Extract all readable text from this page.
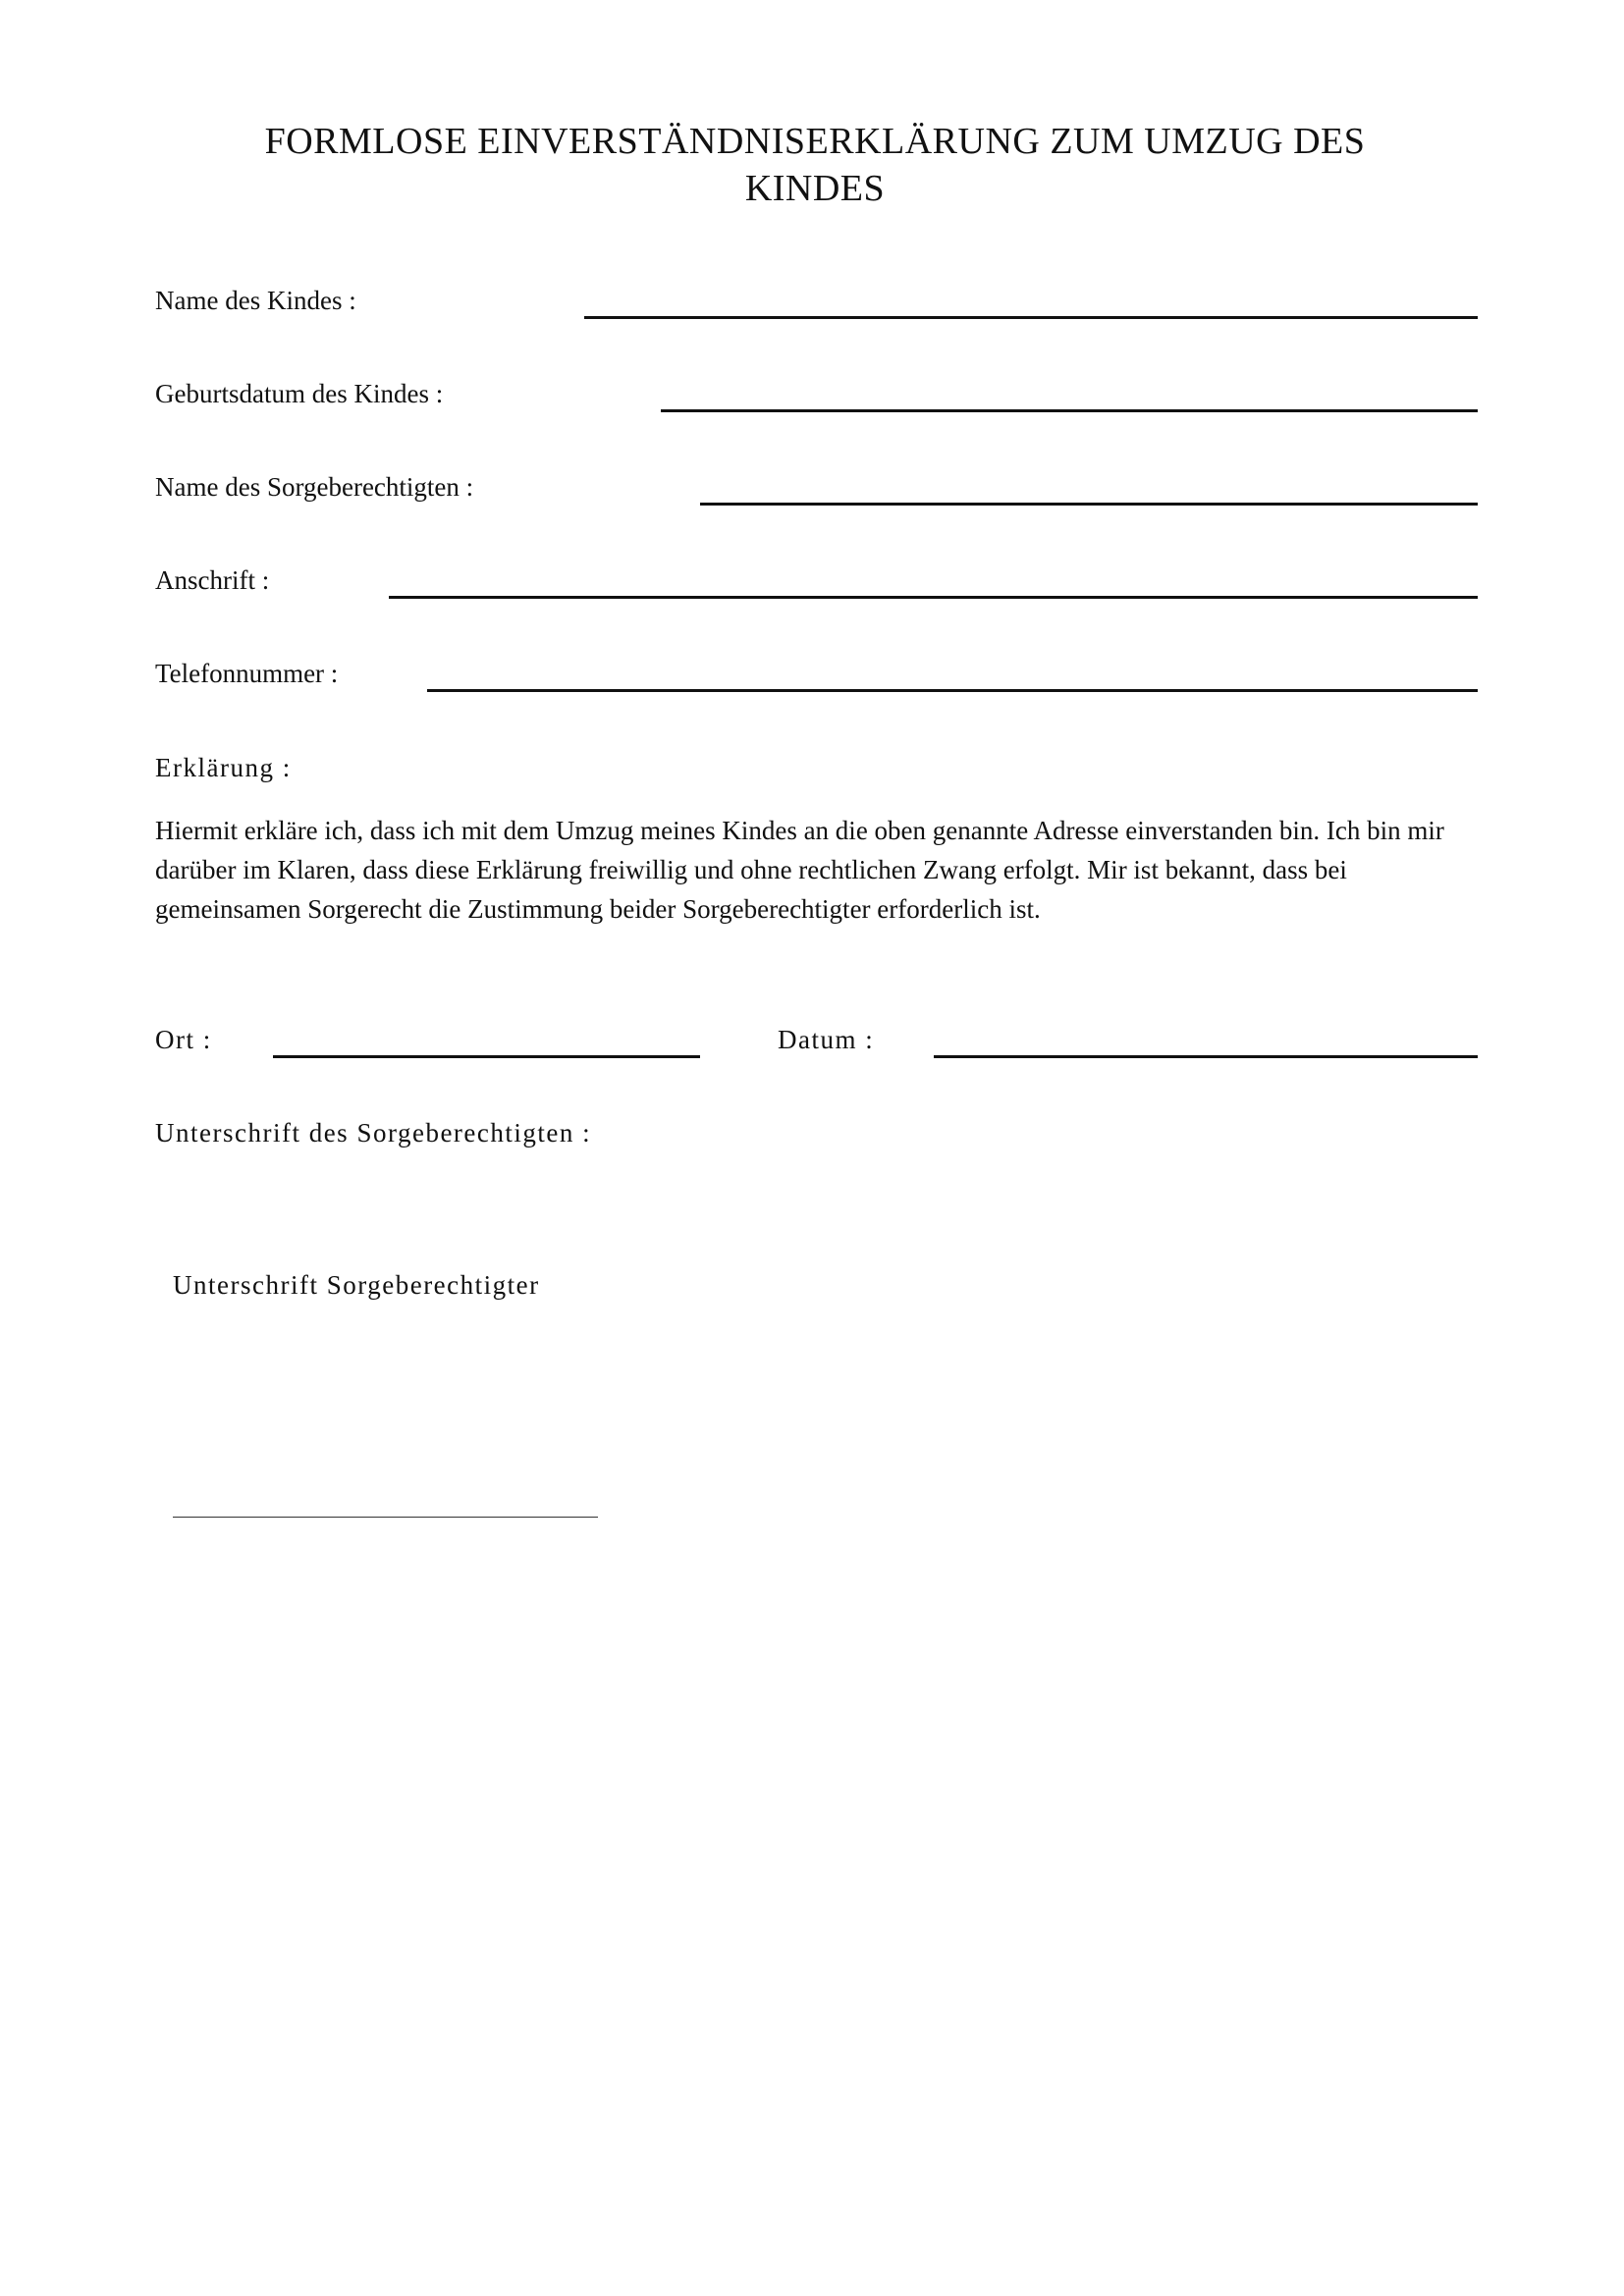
FORMLOSE EINVERSTÄNDNISERKLÄRUNG ZUM UMZUG DES KINDES
Name des Kindes :
Geburtsdatum des Kindes :
Name des Sorgeberechtigten :
Anschrift :
Telefonnummer :
Erklärung :

Hiermit erkläre ich, dass ich mit dem Umzug meines Kindes an die oben genannte Adresse einverstanden bin. Ich bin mir darüber im Klaren, dass diese Erklärung freiwillig und ohne rechtlichen Zwang erfolgt. Mir ist bekannt, dass bei gemeinsamen Sorgerecht die Zustimmung beider Sorgeberechtigter erforderlich ist.

Ort :	Datum :
Unterschrift des Sorgeberechtigten :
Unterschrift Sorgeberechtigter
